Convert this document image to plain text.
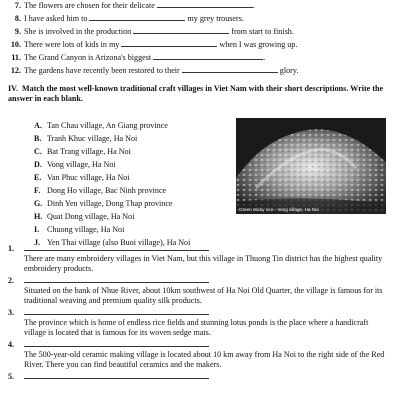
7. The flowers are chosen for their delicate	.
8. I have asked him to	my grey trousers.
9. She is involved in the production	from start to finish.
10. There were lots of kids in my	when I was growing up.
11. The Grand Canyon is Arizona's biggest	.
12. The gardens have recently been restored to their	glory.
IV. Match the most well-known traditional craft villages in Viet Nam with their short descriptions. Write the answer in each blank.
A. Tan Chau village, An Giang province
B. Tranh Khuc village, Ha Noi
C. Bat Trang village, Ha Noi
D. Vong village, Ha Noi
E. Van Phuc village, Ha Noi
F. Dong Ho village, Bac Ninh province
G. Dinh Yen village, Dong Thap province
H. Quat Dong village, Ha Noi
I. Chuong village, Ha Noi
J. Yen Thai village (also Buoi village), Ha Noi
Green sticky rice - Vong village, Ha Noi
1.
There are many embroidery villages in Viet Nam, but this village in Thuong Tin district has the highest quality embroidery products.
2.
Situated on the bank of Nhue River, about 10km southwest of Ha Noi Old Quarter, the village is famous for its traditional weaving and premium quality silk products.
3.
The province which is home of endless rice fields and stunning lotus ponds is the place where a handicraft village is located that is famous for its woven sedge mats.
4.
The 500-year-old ceramic making village is located about 10 km away from Ha Noi to the right side of the Red River. There you can find beautiful ceramics and the makers.
5.
